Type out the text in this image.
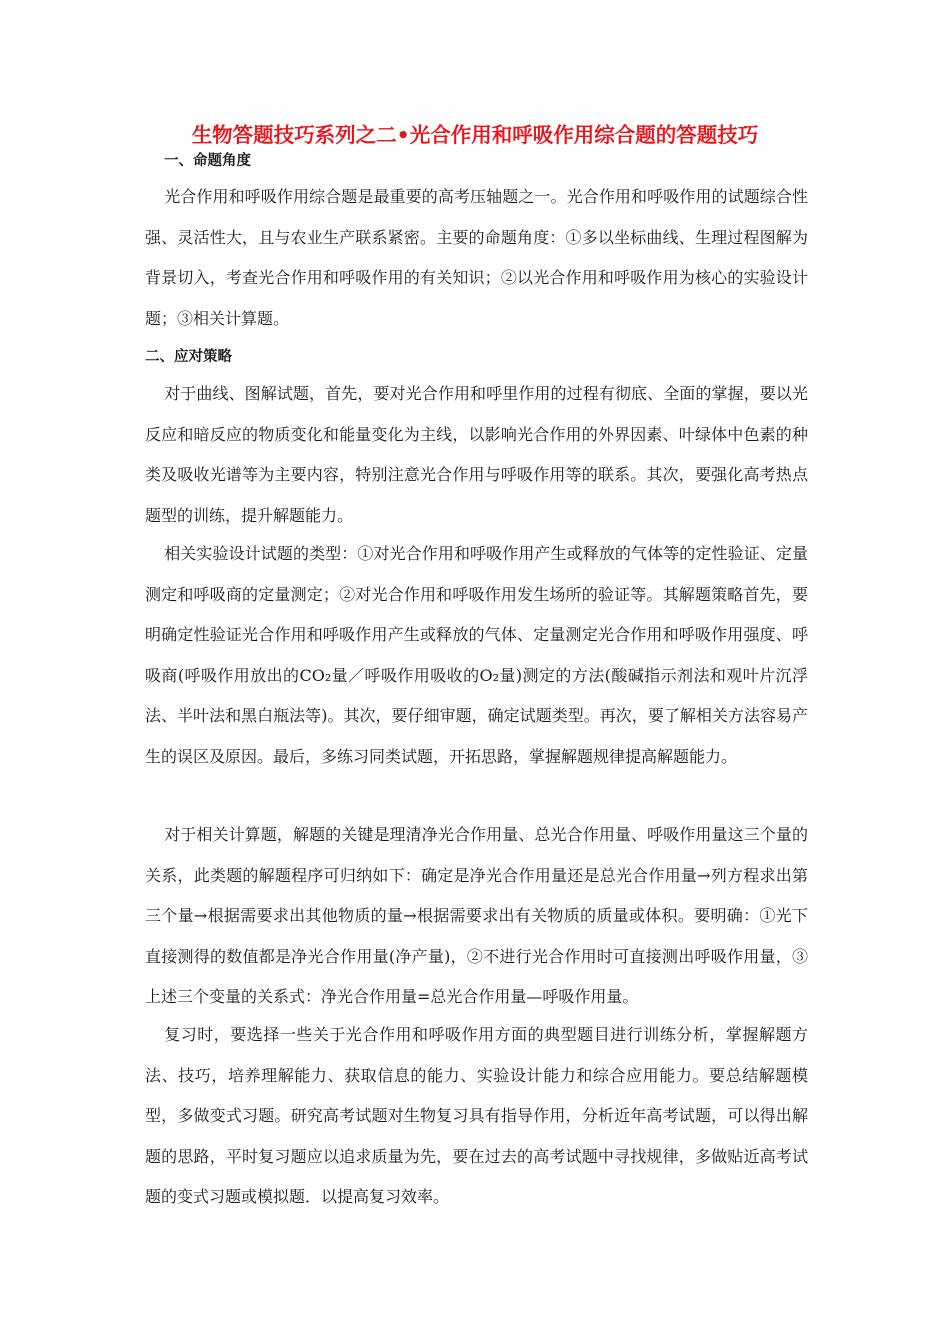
生物答题技巧系列之二•光合作用和呼吸作用综合题的答题技巧
一、命题角度

光合作用和呼吸作用综合题是最重要的高考压轴题之一。光合作用和呼吸作用的试题综合性强、灵活性大，且与农业生产联系紧密。主要的命题角度：①多以坐标曲线、生理过程图解为背景切入，考查光合作用和呼吸作用的有关知识；②以光合作用和呼吸作用为核心的实验设计题；③相关计算题。

二、应对策略

对于曲线、图解试题，首先，要对光合作用和呼里作用的过程有彻底、全面的掌握，要以光反应和暗反应的物质变化和能量变化为主线，以影响光合作用的外界因素、叶绿体中色素的种类及吸收光谱等为主要内容，特别注意光合作用与呼吸作用等的联系。其次，要强化高考热点题型的训练，提升解题能力。

相关实验设计试题的类型：①对光合作用和呼吸作用产生或释放的气体等的定性验证、定量测定和呼吸商的定量测定；②对光合作用和呼吸作用发生场所的验证等。其解题策略首先，要明确定性验证光合作用和呼吸作用产生或释放的气体、定量测定光合作用和呼吸作用强度、呼吸商(呼吸作用放出的CO₂量／呼吸作用吸收的O₂量)测定的方法(酸碱指示剂法和观叶片沉浮法、半叶法和黑白瓶法等)。其次，要仔细审题，确定试题类型。再次，要了解相关方法容易产生的误区及原因。最后，多练习同类试题，开拓思路，掌握解题规律提高解题能力。

对于相关计算题，解题的关键是理清净光合作用量、总光合作用量、呼吸作用量这三个量的关系，此类题的解题程序可归纳如下：确定是净光合作用量还是总光合作用量→列方程求出第三个量→根据需要求出其他物质的量→根据需要求出有关物质的质量或体积。要明确：①光下直接测得的数值都是净光合作用量(净产量)，②不进行光合作用时可直接测出呼吸作用量，③上述三个变量的关系式：净光合作用量=总光合作用量—呼吸作用量。

复习时，要选择一些关于光合作用和呼吸作用方面的典型题目进行训练分析，掌握解题方法、技巧，培养理解能力、获取信息的能力、实验设计能力和综合应用能力。要总结解题模型，多做变式习题。研究高考试题对生物复习具有指导作用，分析近年高考试题，可以得出解题的思路，平时复习题应以追求质量为先，要在过去的高考试题中寻找规律，多做贴近高考试题的变式习题或模拟题．以提高复习效率。
